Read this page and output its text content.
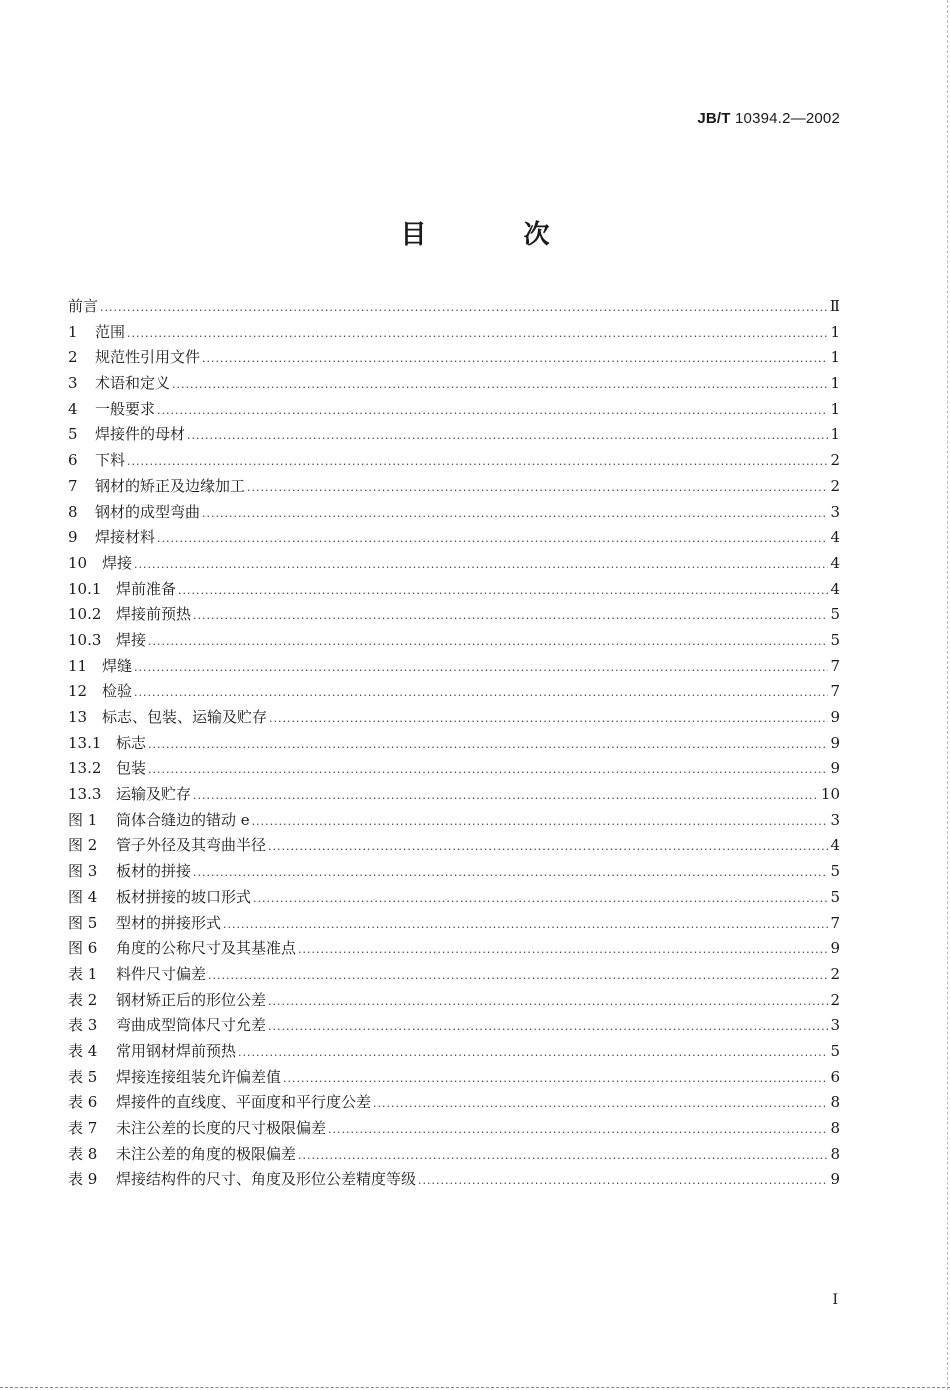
JB/T 10394.2—2002
目 次
前言 .....	Ⅱ
1	范围 .....	1
2	规范性引用文件 .....	1
3	术语和定义 .....	1
4	一般要求 .....	1
5	焊接件的母材 .....	1
6	下料 .....	2
7	钢材的矫正及边缘加工 .....	2
8	钢材的成型弯曲 .....	3
9	焊接材料 .....	4
10 焊接 .....	4
10.1 焊前准备 .....	4
10.2 焊接前预热 .....	5
10.3 焊接 .....	5
11 焊缝 .....	7
12 检验 .....	7
13 标志、包装、运输及贮存 .....	9
13.1 标志 .....	9
13.2 包装 .....	9
13.3 运输及贮存 .....	10
图 1	筒体合缝边的错动 e .....	3
图 2	管子外径及其弯曲半径 .....	4
图 3	板材的拼接 .....	5
图 4	板材拼接的坡口形式 .....	5
图 5	型材的拼接形式 .....	7
图 6	角度的公称尺寸及其基准点 .....	9
表 1	料件尺寸偏差 .....	2
表 2	钢材矫正后的形位公差 .....	2
表 3	弯曲成型筒体尺寸允差 .....	3
表 4	常用钢材焊前预热 .....	5
表 5	焊接连接组装允许偏差值 .....	6
表 6	焊接件的直线度、平面度和平行度公差 .....	8
表 7	未注公差的长度的尺寸极限偏差 .....	8
表 8	未注公差的角度的极限偏差 .....	8
表 9	焊接结构件的尺寸、角度及形位公差精度等级 .....	9
I
